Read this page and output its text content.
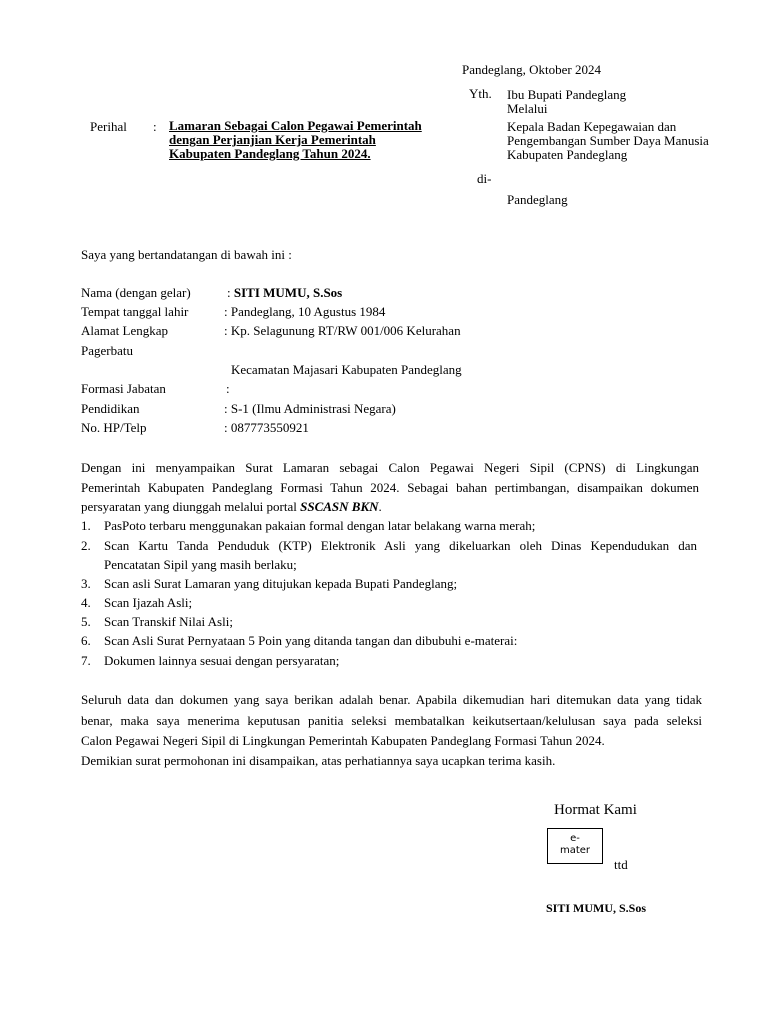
Pandeglang, Oktober 2024
Yth. Ibu Bupati Pandeglang
Melalui
Kepala Badan Kepegawaian dan
Pengembangan Sumber Daya Manusia
Kabupaten Pandeglang
di-
Pandeglang
Perihal : Lamaran Sebagai Calon Pegawai Pemerintah
dengan Perjanjian Kerja Pemerintah
Kabupaten Pandeglang Tahun 2024.
Saya yang bertandatangan di bawah ini :
Nama (dengan gelar)	: SITI MUMU, S.Sos
Tempat tanggal lahir	: Pandeglang, 10 Agustus 1984
Alamat Lengkap	: Kp. Selagunung RT/RW 001/006 Kelurahan
Pagerbatu
Kecamatan Majasari Kabupaten Pandeglang
Formasi Jabatan	:
Pendidikan	: S-1 (Ilmu Administrasi Negara)
No. HP/Telp	: 087773550921
Dengan ini menyampaikan Surat Lamaran sebagai Calon Pegawai Negeri Sipil (CPNS) di Lingkungan
Pemerintah Kabupaten Pandeglang Formasi Tahun 2024. Sebagai bahan pertimbangan, disampaikan dokumen
persyaratan yang diunggah melalui portal SSCASN BKN.
1. PasPoto terbaru menggunakan pakaian formal dengan latar belakang warna merah;
2. Scan Kartu Tanda Penduduk (KTP) Elektronik Asli yang dikeluarkan oleh Dinas Kependudukan dan
Pencatatan Sipil yang masih berlaku;
3. Scan asli Surat Lamaran yang ditujukan kepada Bupati Pandeglang;
4. Scan Ijazah Asli;
5. Scan Transkif Nilai Asli;
6. Scan Asli Surat Pernyataan 5 Poin yang ditanda tangan dan dibubuhi e-materai:
7. Dokumen lainnya sesuai dengan persyaratan;
Seluruh data dan dokumen yang saya berikan adalah benar. Apabila dikemudian hari ditemukan data yang tidak
benar, maka saya menerima keputusan panitia seleksi membatalkan keikutsertaan/kelulusan saya pada seleksi
Calon Pegawai Negeri Sipil di Lingkungan Pemerintah Kabupaten Pandeglang Formasi Tahun 2024.
Demikian surat permohonan ini disampaikan, atas perhatiannya saya ucapkan terima kasih.
Hormat Kami
e-
mater
ttd
SITI MUMU, S.Sos
